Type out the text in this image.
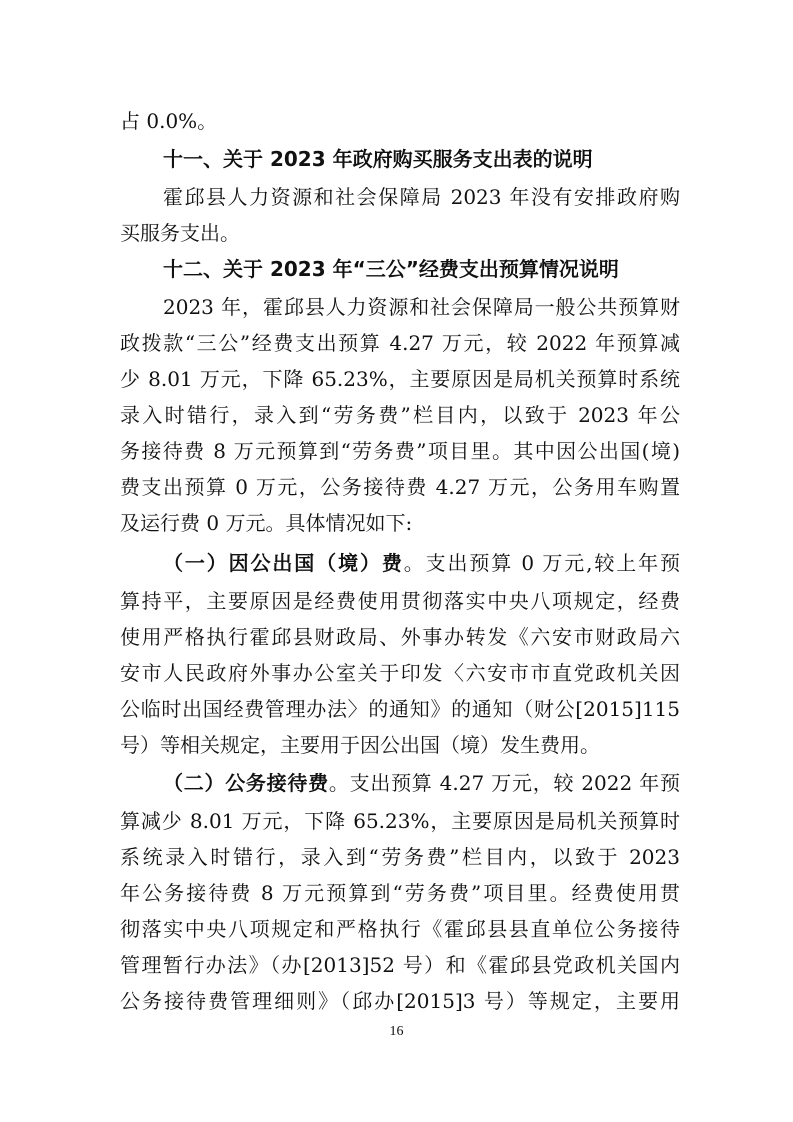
占 0.0%。
十一、关于 2023 年政府购买服务支出表的说明
霍邱县人力资源和社会保障局 2023 年没有安排政府购
买服务支出。
十二、关于 2023 年“三公”经费支出预算情况说明
2023 年，霍邱县人力资源和社会保障局一般公共预算财
政拨款“三公”经费支出预算 4.27 万元，较 2022 年预算减
少 8.01 万元，下降 65.23%，主要原因是局机关预算时系统
录入时错行，录入到“劳务费”栏目内，以致于 2023 年公
务接待费 8 万元预算到“劳务费”项目里。其中因公出国(境)
费支出预算 0 万元，公务接待费 4.27 万元，公务用车购置
及运行费 0 万元。具体情况如下:
（一）因公出国（境）费。支出预算 0 万元,较上年预
算持平，主要原因是经费使用贯彻落实中央八项规定，经费
使用严格执行霍邱县财政局、外事办转发《六安市财政局六
安市人民政府外事办公室关于印发〈六安市市直党政机关因
公临时出国经费管理办法〉的通知》的通知（财公[2015]115
号）等相关规定，主要用于因公出国（境）发生费用。
（二）公务接待费。支出预算 4.27 万元，较 2022 年预
算减少 8.01 万元，下降 65.23%，主要原因是局机关预算时
系统录入时错行，录入到“劳务费”栏目内，以致于 2023
年公务接待费 8 万元预算到“劳务费”项目里。经费使用贯
彻落实中央八项规定和严格执行《霍邱县县直单位公务接待
管理暂行办法》（办[2013]52 号）和《霍邱县党政机关国内
公务接待费管理细则》（邱办[2015]3 号）等规定，主要用
16
